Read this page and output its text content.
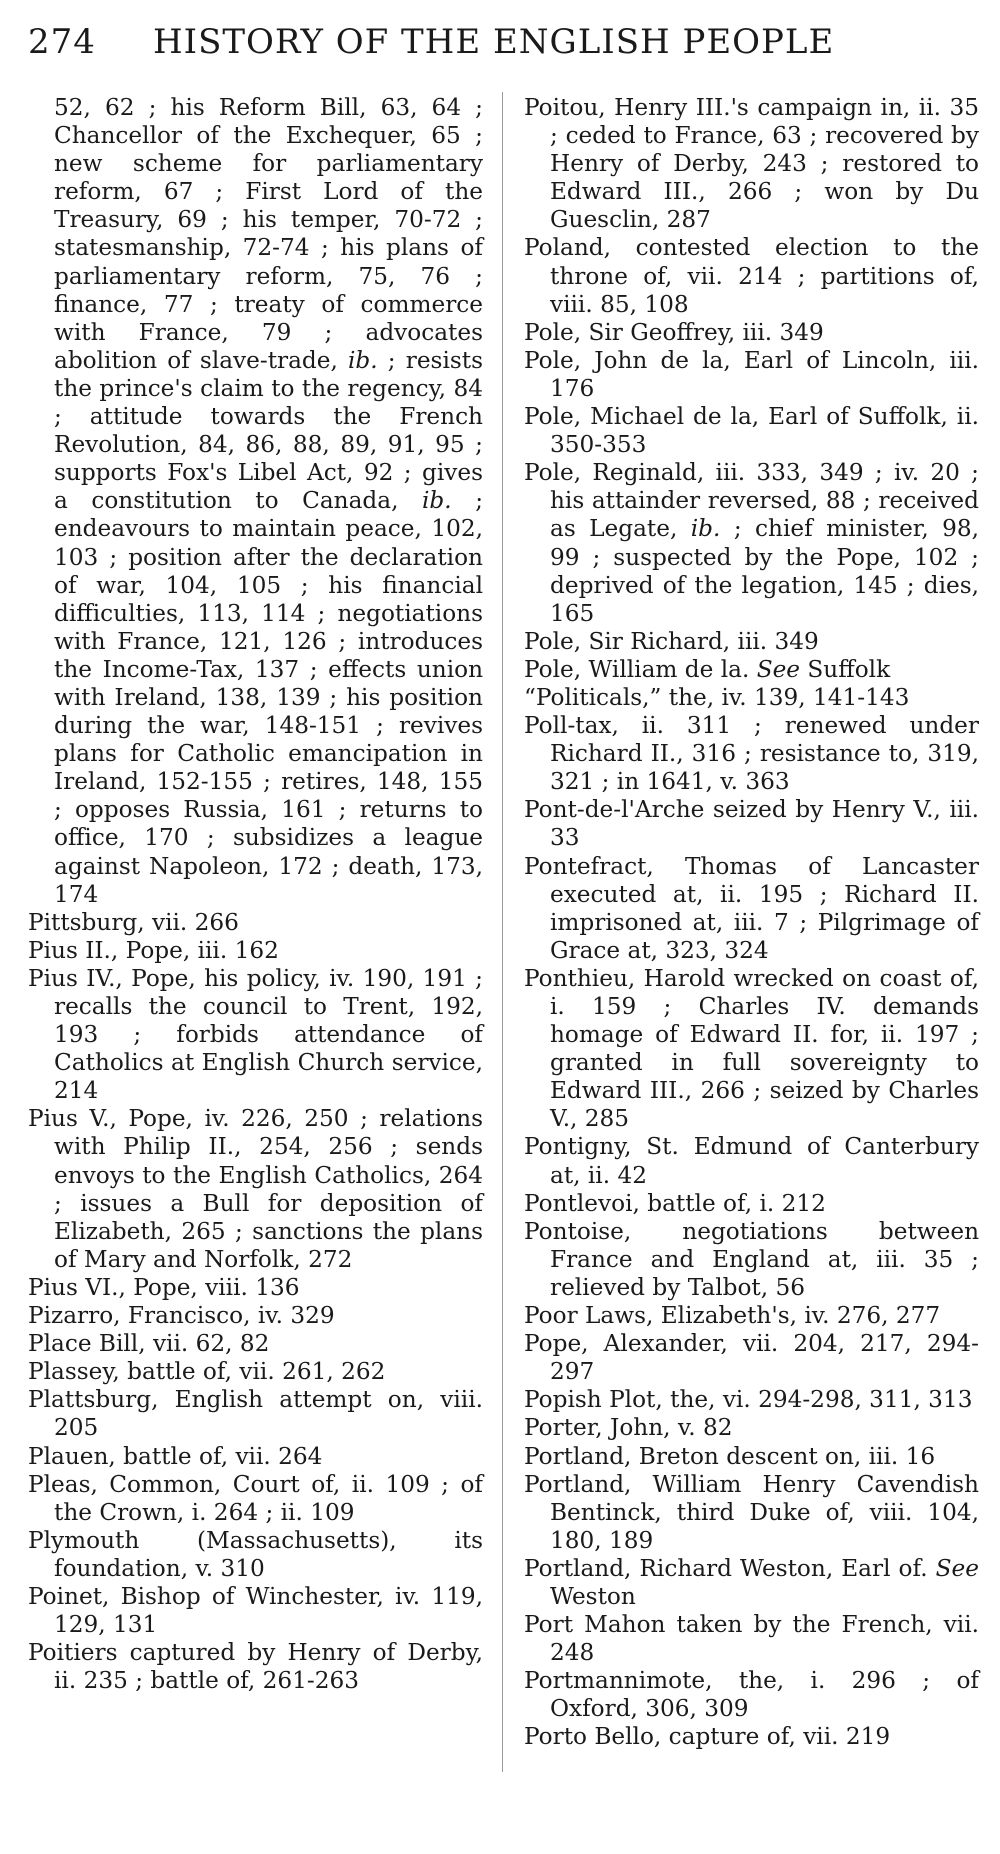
274 HISTORY OF THE ENGLISH PEOPLE

52, 62 ; his Reform Bill, 63, 64 ; Chancellor of the Exchequer, 65 ; new scheme for parliamentary reform, 67 ; First Lord of the Treasury, 69 ; his temper, 70-72 ; statesmanship, 72-74 ; his plans of parliamentary reform, 75, 76 ; finance, 77 ; treaty of commerce with France, 79 ; advocates abolition of slave-trade, ib. ; resists the prince's claim to the regency, 84 ; attitude towards the French Revolution, 84, 86, 88, 89, 91, 95 ; supports Fox's Libel Act, 92 ; gives a constitution to Canada, ib. ; endeavours to maintain peace, 102, 103 ; position after the declaration of war, 104, 105 ; his financial difficulties, 113, 114 ; negotiations with France, 121, 126 ; introduces the Income-Tax, 137 ; effects union with Ireland, 138, 139 ; his position during the war, 148-151 ; revives plans for Catholic emancipation in Ireland, 152-155 ; retires, 148, 155 ; opposes Russia, 161 ; returns to office, 170 ; subsidizes a league against Napoleon, 172 ; death, 173, 174

Pittsburg, vii. 266

Pius II., Pope, iii. 162

Pius IV., Pope, his policy, iv. 190, 191 ; recalls the council to Trent, 192, 193 ; forbids attendance of Catholics at English Church service, 214

Pius V., Pope, iv. 226, 250 ; relations with Philip II., 254, 256 ; sends envoys to the English Catholics, 264 ; issues a Bull for deposition of Elizabeth, 265 ; sanctions the plans of Mary and Norfolk, 272

Pius VI., Pope, viii. 136

Pizarro, Francisco, iv. 329

Place Bill, vii. 62, 82

Plassey, battle of, vii. 261, 262

Plattsburg, English attempt on, viii. 205

Plauen, battle of, vii. 264

Pleas, Common, Court of, ii. 109 ; of the Crown, i. 264 ; ii. 109

Plymouth (Massachusetts), its foundation, v. 310

Poinet, Bishop of Winchester, iv. 119, 129, 131

Poitiers captured by Henry of Derby, ii. 235 ; battle of, 261-263

Poitou, Henry III.'s campaign in, ii. 35 ; ceded to France, 63 ; recovered by Henry of Derby, 243 ; restored to Edward III., 266 ; won by Du Guesclin, 287

Poland, contested election to the throne of, vii. 214 ; partitions of, viii. 85, 108

Pole, Sir Geoffrey, iii. 349

Pole, John de la, Earl of Lincoln, iii. 176

Pole, Michael de la, Earl of Suffolk, ii. 350-353

Pole, Reginald, iii. 333, 349 ; iv. 20 ; his attainder reversed, 88 ; received as Legate, ib. ; chief minister, 98, 99 ; suspected by the Pope, 102 ; deprived of the legation, 145 ; dies, 165

Pole, Sir Richard, iii. 349

Pole, William de la. See Suffolk

“Politicals,” the, iv. 139, 141-143

Poll-tax, ii. 311 ; renewed under Richard II., 316 ; resistance to, 319, 321 ; in 1641, v. 363

Pont-de-l'Arche seized by Henry V., iii. 33

Pontefract, Thomas of Lancaster executed at, ii. 195 ; Richard II. imprisoned at, iii. 7 ; Pilgrimage of Grace at, 323, 324

Ponthieu, Harold wrecked on coast of, i. 159 ; Charles IV. demands homage of Edward II. for, ii. 197 ; granted in full sovereignty to Edward III., 266 ; seized by Charles V., 285

Pontigny, St. Edmund of Canterbury at, ii. 42

Pontlevoi, battle of, i. 212

Pontoise, negotiations between France and England at, iii. 35 ; relieved by Talbot, 56

Poor Laws, Elizabeth's, iv. 276, 277

Pope, Alexander, vii. 204, 217, 294-297

Popish Plot, the, vi. 294-298, 311, 313

Porter, John, v. 82

Portland, Breton descent on, iii. 16

Portland, William Henry Cavendish Bentinck, third Duke of, viii. 104, 180, 189

Portland, Richard Weston, Earl of. See Weston

Port Mahon taken by the French, vii. 248

Portmannimote, the, i. 296 ; of Oxford, 306, 309

Porto Bello, capture of, vii. 219
